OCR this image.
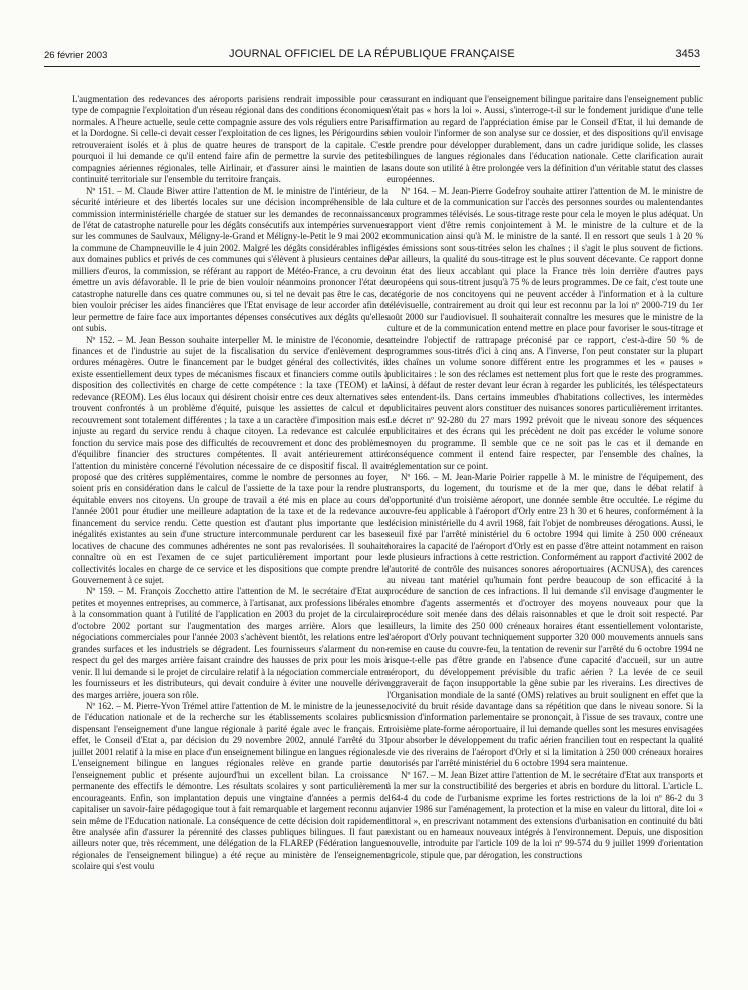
26 février 2003	JOURNAL OFFICIEL DE LA RÉPUBLIQUE FRANÇAISE	3453

L'augmentation des redevances des aéroports parisiens rendrait impossible pour ce type de compagnie l'exploitation d'un réseau régional dans des conditions économiques normales. A l'heure actuelle, seule cette compagnie assure des vols réguliers entre Paris et la Dordogne. Si celle-ci devait cesser l'exploitation de ces lignes, les Périgourdins se retrouveraient isolés et à plus de quatre heures de transport de la capitale. C'est pourquoi il lui demande ce qu'il entend faire afin de permettre la survie des petites compagnies aériennes régionales, telle Airlinair, et d'assurer ainsi le maintien de la continuité territoriale sur l'ensemble du territoire français.

Nº 151. – M. Claude Biwer attire l'attention de M. le ministre de l'intérieur, de la sécurité intérieure et des libertés locales sur une décision incompréhensible de la commission interministérielle chargée de statuer sur les demandes de reconnaissance de l'état de catastrophe naturelle pour les dégâts consécutifs aux intempéries survenues sur les communes de Saulvaux, Méligny-le-Grand et Méligny-le-Petit le 9 mai 2002 et la commune de Champneuville le 4 juin 2002. Malgré les dégâts considérables infligés aux domaines publics et privés de ces communes qui s'élèvent à plusieurs centaines de milliers d'euros, la commission, se référant au rapport de Météo-France, a cru devoir émettre un avis défavorable. Il le prie de bien vouloir néanmoins prononcer l'état de catastrophe naturelle dans ces quatre communes ou, si tel ne devait pas être le cas, de bien vouloir préciser les aides financières que l'Etat envisage de leur accorder afin de leur permettre de faire face aux importantes dépenses consécutives aux dégâts qu'elles ont subis.

Nº 152. – M. Jean Besson souhaite interpeller M. le ministre de l'économie, des finances et de l'industrie au sujet de la fiscalisation du service d'enlèvement des ordures ménagères. Outre le financement par le budget général des collectivités, il existe essentiellement deux types de mécanismes fiscaux et financiers comme outils à disposition des collectivités en charge de cette compétence : la taxe (TEOM) et la redevance (REOM). Les élus locaux qui désirent choisir entre ces deux alternatives se trouvent confrontés à un problème d'équité, puisque les assiettes de calcul et de recouvrement sont totalement différentes ; la taxe a un caractère d'imposition mais est injuste au regard du service rendu à chaque citoyen. La redevance est calculée en fonction du service mais pose des difficultés de recouvrement et donc des problèmes d'équilibre financier des structures compétentes. Il avait antérieurement attiré l'attention du ministère concerné l'évolution nécessaire de ce dispositif fiscal. Il avait proposé que des critères supplémentaires, comme le nombre de personnes au foyer, soient pris en considération dans le calcul de l'assiette de la taxe pour la rendre plus équitable envers nos citoyens. Un groupe de travail a été mis en place au cours de l'année 2001 pour étudier une meilleure adaptation de la taxe et de la redevance au financement du service rendu. Cette question est d'autant plus importante que les inégalités existantes au sein d'une structure intercommunale perdurent car les bases locatives de chacune des communes adhérentes ne sont pas revalorisées. Il souhaite connaître où en est l'examen de ce sujet particulièrement important pour les collectivités locales en charge de ce service et les dispositions que compte prendre le Gouvernement à ce sujet.

Nº 159. – M. François Zocchetto attire l'attention de M. le secrétaire d'Etat aux petites et moyennes entreprises, au commerce, à l'artisanat, aux professions libérales et à la consommation quant à l'utilité de l'application en 2003 du projet de la circulaire d'octobre 2002 portant sur l'augmentation des marges arrière. Alors que les négociations commerciales pour l'année 2003 s'achèvent bientôt, les relations entre les grandes surfaces et les industriels se dégradent. Les fournisseurs s'alarment du non-respect du gel des marges arrière faisant craindre des hausses de prix pour les mois à venir. Il lui demande si le projet de circulaire relatif à la négociation commerciale entre les fournisseurs et les distributeurs, qui devait conduire à éviter une nouvelle dérive des marges arrière, jouera son rôle.

Nº 162. – M. Pierre-Yvon Trémel attire l'attention de M. le ministre de la jeunesse, de l'éducation nationale et de la recherche sur les établissements scolaires publics dispensant l'enseignement d'une langue régionale à parité égale avec le français. En effet, le Conseil d'Etat a, par décision du 29 novembre 2002, annulé l'arrêté du 31 juillet 2001 relatif à la mise en place d'un enseignement bilingue en langues régionales. L'enseignement bilingue en langues régionales relève en grande partie de l'enseignement public et présente aujourd'hui un excellent bilan. La croissance permanente des effectifs le démontre. Les résultats scolaires y sont particulièrement encourageants. Enfin, son implantation depuis une vingtaine d'années a permis de capitaliser un savoir-faire pédagogique tout à fait remarquable et largement reconnu au sein même de l'Education nationale. La conséquence de cette décision doit rapidement être analysée afin d'assurer la pérennité des classes publiques bilingues. Il faut par ailleurs noter que, très récemment, une délégation de la FLAREP (Fédération langues régionales de l'enseignement bilingue) a été reçue au ministère de l'enseignement scolaire qui s'est voulu

rassurant en indiquant que l'enseignement bilingue paritaire dans l'enseignement public n'était pas « hors la loi ». Aussi, s'interroge-t-il sur le fondement juridique d'une telle affirmation au regard de l'appréciation émise par le Conseil d'Etat, il lui demande de bien vouloir l'informer de son analyse sur ce dossier, et des dispositions qu'il envisage de prendre pour développer durablement, dans un cadre juridique solide, les classes bilingues de langues régionales dans l'éducation nationale. Cette clarification aurait sans doute son utilité à être prolongée vers la définition d'un véritable statut des classes européennes.

Nº 164. – M. Jean-Pierre Godefroy souhaite attirer l'attention de M. le ministre de la culture et de la communication sur l'accès des personnes sourdes ou malentendantes aux programmes télévisés. Le sous-titrage reste pour cela le moyen le plus adéquat. Un rapport vient d'être remis conjointement à M. le ministre de la culture et de la communication ainsi qu'à M. le ministre de la santé. Il en ressort que seuls 1 à 20 % des émissions sont sous-titrées selon les chaînes ; il s'agit le plus souvent de fictions. Par ailleurs, la qualité du sous-titrage est le plus souvent décevante. Ce rapport donne un état des lieux accablant qui place la France très loin derrière d'autres pays européens qui sous-titrent jusqu'à 75 % de leurs programmes. De ce fait, c'est toute une catégorie de nos concitoyens qui ne peuvent accéder à l'information et à la culture télévisuelle, contrairement au droit qui leur est reconnu par la loi nº 2000-719 du 1er août 2000 sur l'audiovisuel. Il souhaiterait connaître les mesures que le ministre de la culture et de la communication entend mettre en place pour favoriser le sous-titrage et atteindre l'objectif de rattrapage préconisé par ce rapport, c'est-à-dire 50 % de programmes sous-titrés d'ici à cinq ans. A l'inverse, l'on peut constater sur la plupart des chaînes un volume sonore différent entre les programmes et les « pauses » publicitaires : le son des réclames est nettement plus fort que le reste des programmes. Ainsi, à défaut de rester devant leur écran à regarder les publicités, les téléspectateurs les entendent-ils. Dans certains immeubles d'habitations collectives, les intermèdes publicitaires peuvent alors constituer des nuisances sonores particulièrement irritantes. Le décret nº 92-280 du 27 mars 1992 prévoit que le niveau sonore des séquences publicitaires et des écrans qui les précèdent ne doit pas excéder le volume sonore moyen du programme. Il semble que ce ne soit pas le cas et il demande en conséquence comment il entend faire respecter, par l'ensemble des chaînes, la réglementation sur ce point.

Nº 166. – M. Jean-Marie Poirier rappelle à M. le ministre de l'équipement, des transports, du logement, du tourisme et de la mer que, dans le débat relatif à l'opportunité d'un troisième aéroport, une donnée semble être occultée. Le régime du couvre-feu applicable à l'aéroport d'Orly entre 23 h 30 et 6 heures, conformément à la décision ministérielle du 4 avril 1968, fait l'objet de nombreuses dérogations. Aussi, le seuil fixé par l'arrêté ministériel du 6 octobre 1994 qui limite à 250 000 créneaux horaires la capacité de l'aéroport d'Orly est en passe d'être atteint notamment en raison de plusieurs infractions à cette restriction. Conformément au rapport d'activité 2002 de l'autorité de contrôle des nuisances sonores aéroportuaires (ACNUSA), des carences au niveau tant matériel qu'humain font perdre beaucoup de son efficacité à la procédure de sanction de ces infractions. Il lui demande s'il envisage d'augmenter le nombre d'agents assermentés et d'octroyer des moyens nouveaux pour que la procédure soit menée dans des délais raisonnables et que le droit soit respecté. Par ailleurs, la limite des 250 000 créneaux horaires étant essentiellement volontariste, l'aéroport d'Orly pouvant techniquement supporter 320 000 mouvements annuels sans remise en cause du couvre-feu, la tentation de revenir sur l'arrêté du 6 octobre 1994 ne risque-t-elle pas d'être grande en l'absence d'une capacité d'accueil, sur un autre aéroport, du développement prévisible du trafic aérien ? La levée de ce seuil aggraverait de façon insupportable la gêne subie par les riverains. Les directives de l'Organisation mondiale de la santé (OMS) relatives au bruit soulignent en effet que la nocivité du bruit réside davantage dans sa répétition que dans le niveau sonore. Si la mission d'information parlementaire se prononçait, à l'issue de ses travaux, contre une troisième plate-forme aéroportuaire, il lui demande quelles sont les mesures envisagées pour absorber le développement du trafic aérien francilien tout en respectant la qualité de vie des riverains de l'aéroport d'Orly et si la limitation à 250 000 créneaux horaires autorisés par l'arrêté ministériel du 6 octobre 1994 sera maintenue.

Nº 167. – M. Jean Bizet attire l'attention de M. le secrétaire d'Etat aux transports et à la mer sur la constructibilité des bergeries et abris en bordure du littoral. L'article L. 164-4 du code de l'urbanisme exprime les fortes restrictions de la loi nº 86-2 du 3 janvier 1986 sur l'aménagement, la protection et la mise en valeur du littoral, dite loi « littoral », en prescrivant notamment des extensions d'urbanisation en continuité du bâti existant ou en hameaux nouveaux intégrés à l'environnement. Depuis, une disposition nouvelle, introduite par l'article 109 de la loi nº 99-574 du 9 juillet 1999 d'orientation agricole, stipule que, par dérogation, les constructions
